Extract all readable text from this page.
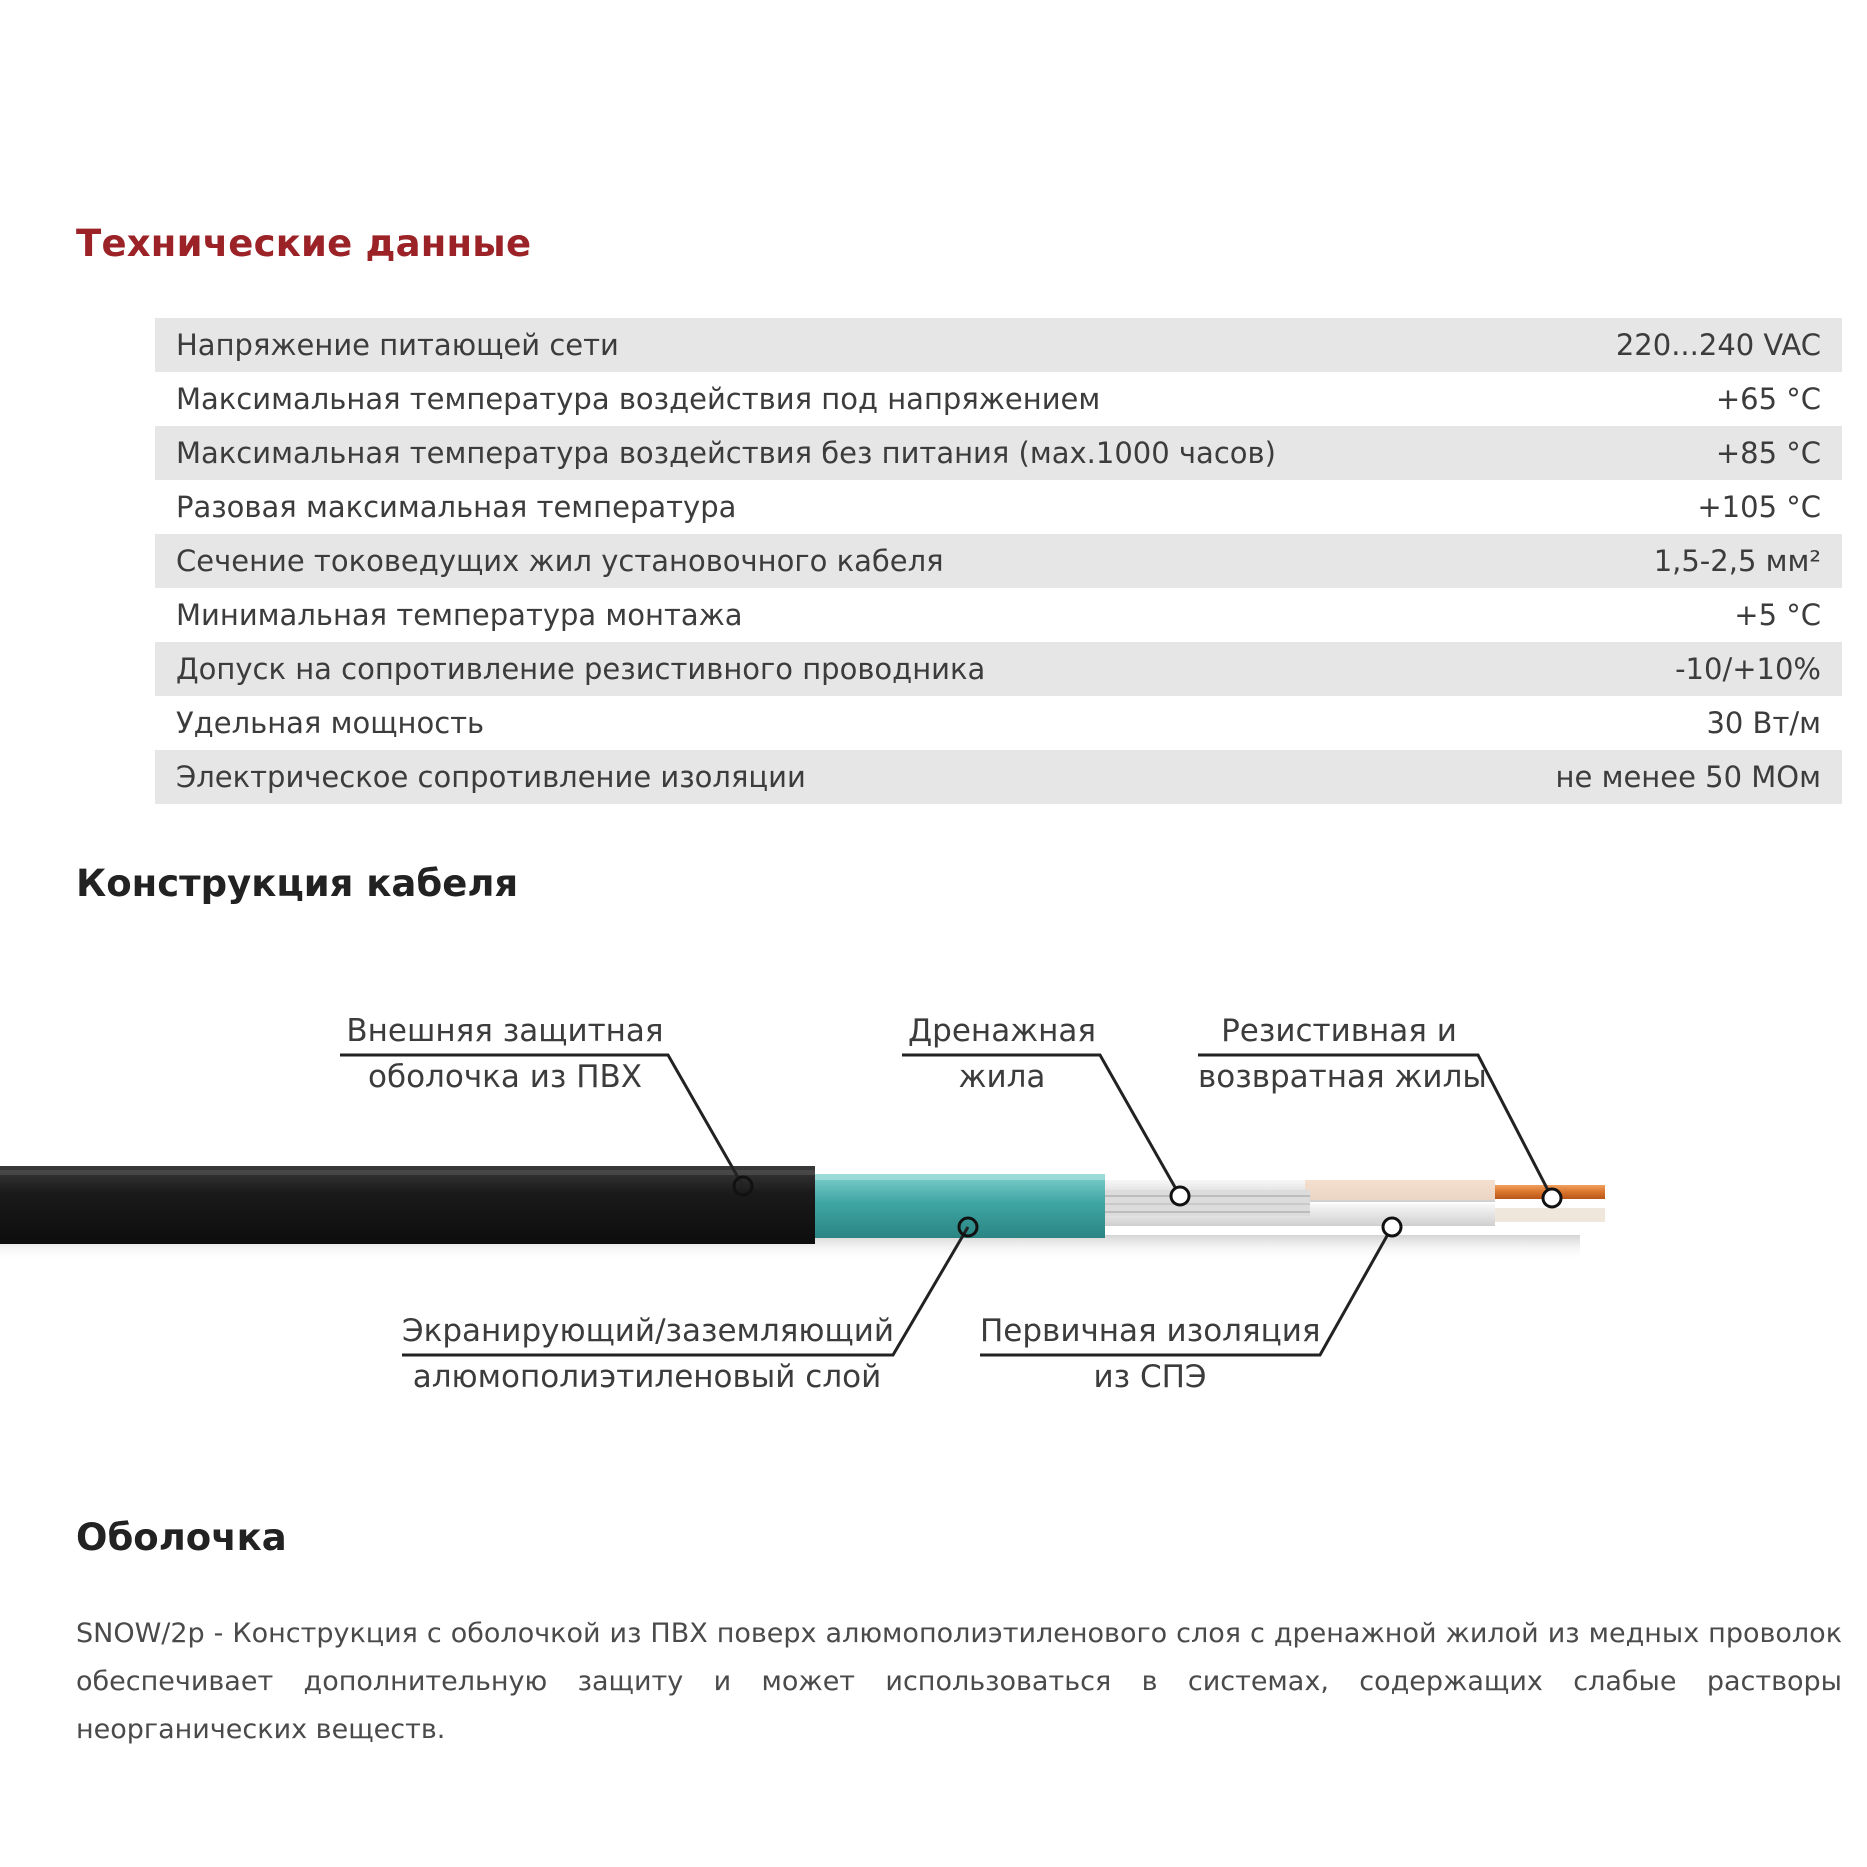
Технические данные
Напряжение питающей сети	220...240 VAC
Максимальная температура воздействия под напряжением	+65 °C
Максимальная температура воздействия без питания (мах.1000 часов)	+85 °C
Разовая максимальная температура	+105 °C
Сечение токоведущих жил установочного кабеля	1,5-2,5 мм²
Минимальная температура монтажа	+5 °C
Допуск на сопротивление резистивного проводника	-10/+10%
Удельная мощность	30 Вт/м
Электрическое сопротивление изоляции	не менее 50 МОм
Конструкция кабеля
Внешняя защитная
оболочка из ПВХ
Дренажная
жила
Резистивная и
возвратная жилы
Экранирующий/заземляющий
алюмополиэтиленовый слой
Первичная изоляция
из СПЭ
Оболочка

SNOW/2p - Конструкция с оболочкой из ПВХ поверх алюмополиэтиленового слоя с дренажной жилой из медных проволок обеспечивает дополнительную защиту и может использоваться в системах, содержащих слабые растворы неорганических веществ.
